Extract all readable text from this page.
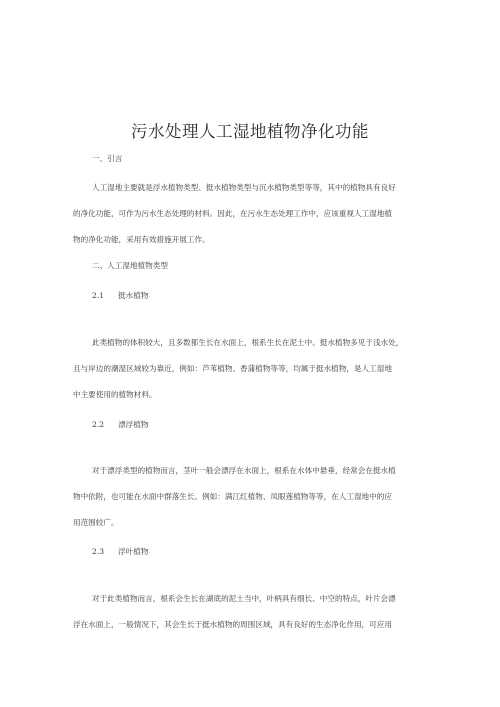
污水处理人工湿地植物净化功能
一、引言
人工湿地主要就是浮水植物类型、挺水植物类型与沉水植物类型等等，其中的植物具有良好
的净化功能，可作为污水生态处理的材料。因此，在污水生态处理工作中，应该重视人工湿地植
物的净化功能，采用有效措施开展工作。
二、人工湿地植物类型
2.1 挺水植物
此类植物的体积较大，且多数都生长在水面上，根系生长在泥土中。挺水植物多见于浅水处，
且与岸边的潮湿区域较为靠近，例如：芦苇植物、香蒲植物等等，均属于挺水植物，是人工湿地
中主要使用的植物材料。
2.2 漂浮植物
对于漂浮类型的植物而言，茎叶一般会漂浮在水面上，根系在水体中悬垂，经常会在挺水植
物中依附，也可能在水面中群落生长。例如：满江红植物、凤眼莲植物等等，在人工湿地中的应
用范围较广。
2.3 浮叶植物
对于此类植物而言，根系会生长在湖底的泥土当中，叶柄具有细长、中空的特点，叶片会漂
浮在水面上，一般情况下，其会生长于挺水植物的周围区域，具有良好的生态净化作用，可应用
